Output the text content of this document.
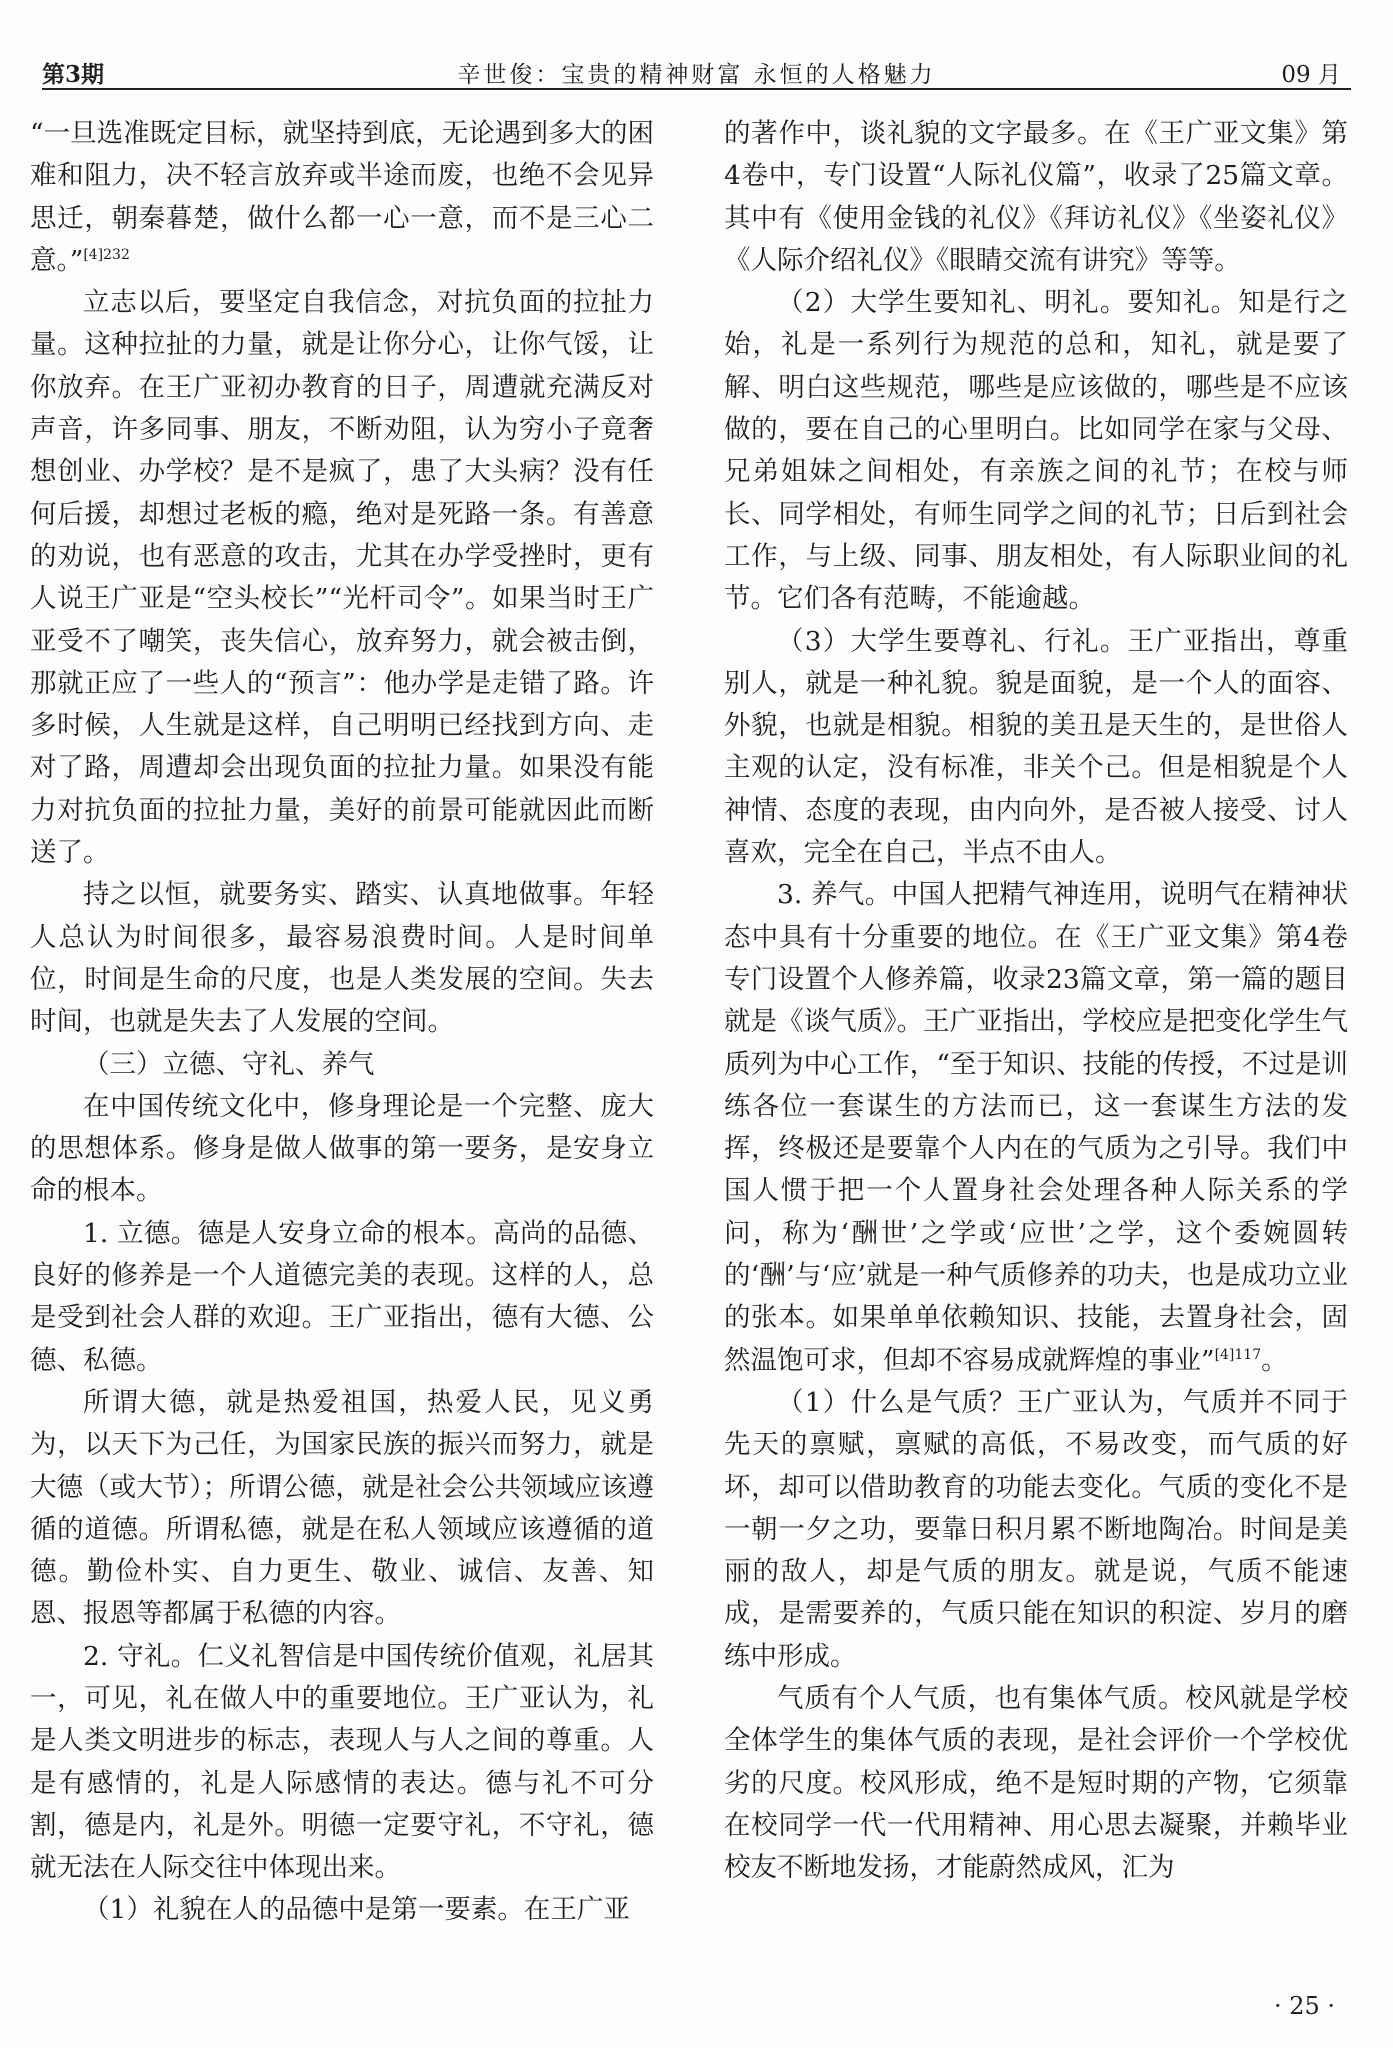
第3期	辛世俊：宝贵的精神财富 永恒的人格魅力	09 月

“一旦选准既定目标，就坚持到底，无论遇到多大的困难和阻力，决不轻言放弃或半途而废，也绝不会见异思迁，朝秦暮楚，做什么都一心一意，而不是三心二意。”$^{[4]232}$

立志以后，要坚定自我信念，对抗负面的拉扯力量。这种拉扯的力量，就是让你分心，让你气馁，让你放弃。在王广亚初办教育的日子，周遭就充满反对声音，许多同事、朋友，不断劝阻，认为穷小子竟奢想创业、办学校？是不是疯了，患了大头病？没有任何后援，却想过老板的瘾，绝对是死路一条。有善意的劝说，也有恶意的攻击，尤其在办学受挫时，更有人说王广亚是“空头校长”“光杆司令”。如果当时王广亚受不了嘲笑，丧失信心，放弃努力，就会被击倒，那就正应了一些人的“预言”：他办学是走错了路。许多时候，人生就是这样，自己明明已经找到方向、走对了路，周遭却会出现负面的拉扯力量。如果没有能力对抗负面的拉扯力量，美好的前景可能就因此而断送了。

持之以恒，就要务实、踏实、认真地做事。年轻人总认为时间很多，最容易浪费时间。人是时间单位，时间是生命的尺度，也是人类发展的空间。失去时间，也就是失去了人发展的空间。

（三）立德、守礼、养气

在中国传统文化中，修身理论是一个完整、庞大的思想体系。修身是做人做事的第一要务，是安身立命的根本。

1. 立德。德是人安身立命的根本。高尚的品德、良好的修养是一个人道德完美的表现。这样的人，总是受到社会人群的欢迎。王广亚指出，德有大德、公德、私德。

所谓大德，就是热爱祖国，热爱人民，见义勇为，以天下为己任，为国家民族的振兴而努力，就是大德（或大节）；所谓公德，就是社会公共领域应该遵循的道德。所谓私德，就是在私人领域应该遵循的道德。勤俭朴实、自力更生、敬业、诚信、友善、知恩、报恩等都属于私德的内容。

2. 守礼。仁义礼智信是中国传统价值观，礼居其一，可见，礼在做人中的重要地位。王广亚认为，礼是人类文明进步的标志，表现人与人之间的尊重。人是有感情的，礼是人际感情的表达。德与礼不可分割，德是内，礼是外。明德一定要守礼，不守礼，德就无法在人际交往中体现出来。

（1）礼貌在人的品德中是第一要素。在王广亚

的著作中，谈礼貌的文字最多。在《王广亚文集》第4卷中，专门设置“人际礼仪篇”，收录了25篇文章。其中有《使用金钱的礼仪》《拜访礼仪》《坐姿礼仪》《人际介绍礼仪》《眼睛交流有讲究》等等。

（2）大学生要知礼、明礼。要知礼。知是行之始，礼是一系列行为规范的总和，知礼，就是要了解、明白这些规范，哪些是应该做的，哪些是不应该做的，要在自己的心里明白。比如同学在家与父母、兄弟姐妹之间相处，有亲族之间的礼节；在校与师长、同学相处，有师生同学之间的礼节；日后到社会工作，与上级、同事、朋友相处，有人际职业间的礼节。它们各有范畴，不能逾越。

（3）大学生要尊礼、行礼。王广亚指出，尊重别人，就是一种礼貌。貌是面貌，是一个人的面容、外貌，也就是相貌。相貌的美丑是天生的，是世俗人主观的认定，没有标准，非关个己。但是相貌是个人神情、态度的表现，由内向外，是否被人接受、讨人喜欢，完全在自己，半点不由人。

3. 养气。中国人把精气神连用，说明气在精神状态中具有十分重要的地位。在《王广亚文集》第4卷专门设置个人修养篇，收录23篇文章，第一篇的题目就是《谈气质》。王广亚指出，学校应是把变化学生气质列为中心工作，“至于知识、技能的传授，不过是训练各位一套谋生的方法而已，这一套谋生方法的发挥，终极还是要靠个人内在的气质为之引导。我们中国人惯于把一个人置身社会处理各种人际关系的学问，称为‘酬世’之学或‘应世’之学，这个委婉圆转的‘酬’与‘应’就是一种气质修养的功夫，也是成功立业的张本。如果单单依赖知识、技能，去置身社会，固然温饱可求，但却不容易成就辉煌的事业”$^{[4]117}$。

（1）什么是气质？王广亚认为，气质并不同于先天的禀赋，禀赋的高低，不易改变，而气质的好坏，却可以借助教育的功能去变化。气质的变化不是一朝一夕之功，要靠日积月累不断地陶冶。时间是美丽的敌人，却是气质的朋友。就是说，气质不能速成，是需要养的，气质只能在知识的积淀、岁月的磨练中形成。

气质有个人气质，也有集体气质。校风就是学校全体学生的集体气质的表现，是社会评价一个学校优劣的尺度。校风形成，绝不是短时期的产物，它须靠在校同学一代一代用精神、用心思去凝聚，并赖毕业校友不断地发扬，才能蔚然成风，汇为

· 25 ·
